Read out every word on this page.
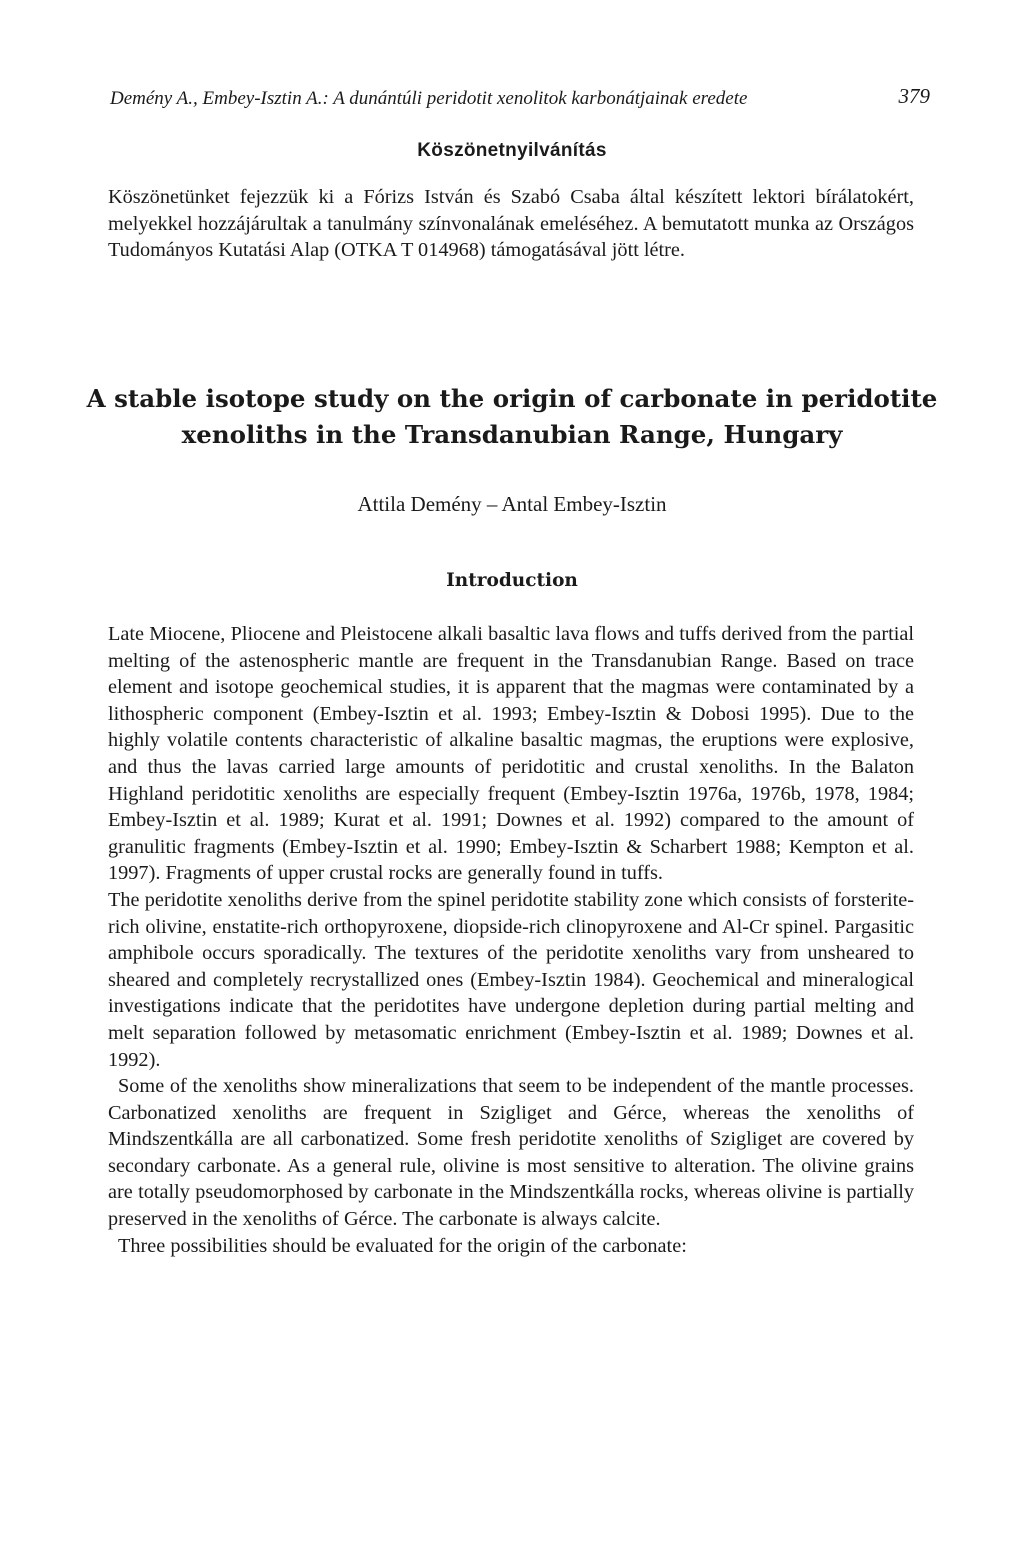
Demény A., Embey-Isztin A.: A dunántúli peridotit xenolitok karbonátjainak eredete	379
Köszönetnyilvánítás

Köszönetünket fejezzük ki a Fórizs István és Szabó Csaba által készített lektori bírálatokért, melyekkel hozzájárultak a tanulmány színvonalának emeléséhez. A bemutatott munka az Országos Tudományos Kutatási Alap (OTKA T 014968) támogatásával jött létre.

A stable isotope study on the origin of carbonate in peridotite xenoliths in the Transdanubian Range, Hungary
Attila Demény – Antal Embey-Isztin
Introduction

Late Miocene, Pliocene and Pleistocene alkali basaltic lava flows and tuffs derived from the partial melting of the astenospheric mantle are frequent in the Transdanubian Range. Based on trace element and isotope geochemical studies, it is apparent that the magmas were contaminated by a lithospheric component (Embey-Isztin et al. 1993; Embey-Isztin & Dobosi 1995). Due to the highly volatile contents characteristic of alkaline basaltic magmas, the eruptions were explosive, and thus the lavas carried large amounts of peridotitic and crustal xenoliths. In the Balaton Highland peridotitic xenoliths are especially frequent (Embey-Isztin 1976a, 1976b, 1978, 1984; Embey-Isztin et al. 1989; Kurat et al. 1991; Downes et al. 1992) compared to the amount of granulitic fragments (Embey-Isztin et al. 1990; Embey-Isztin & Scharbert 1988; Kempton et al. 1997). Fragments of upper crustal rocks are generally found in tuffs.

The peridotite xenoliths derive from the spinel peridotite stability zone which consists of forsterite-rich olivine, enstatite-rich orthopyroxene, diopside-rich clinopyroxene and Al-Cr spinel. Pargasitic amphibole occurs sporadically. The textures of the peridotite xenoliths vary from unsheared to sheared and completely recrystallized ones (Embey-Isztin 1984). Geochemical and mineralogical investigations indicate that the peridotites have undergone depletion during partial melting and melt separation followed by metasomatic enrichment (Embey-Isztin et al. 1989; Downes et al. 1992).

Some of the xenoliths show mineralizations that seem to be independent of the mantle processes. Carbonatized xenoliths are frequent in Szigliget and Gérce, whereas the xenoliths of Mindszentkálla are all carbonatized. Some fresh peridotite xenoliths of Szigliget are covered by secondary carbonate. As a general rule, olivine is most sensitive to alteration. The olivine grains are totally pseudomorphosed by carbonate in the Mindszentkálla rocks, whereas olivine is partially preserved in the xenoliths of Gérce. The carbonate is always calcite.

Three possibilities should be evaluated for the origin of the carbonate:
